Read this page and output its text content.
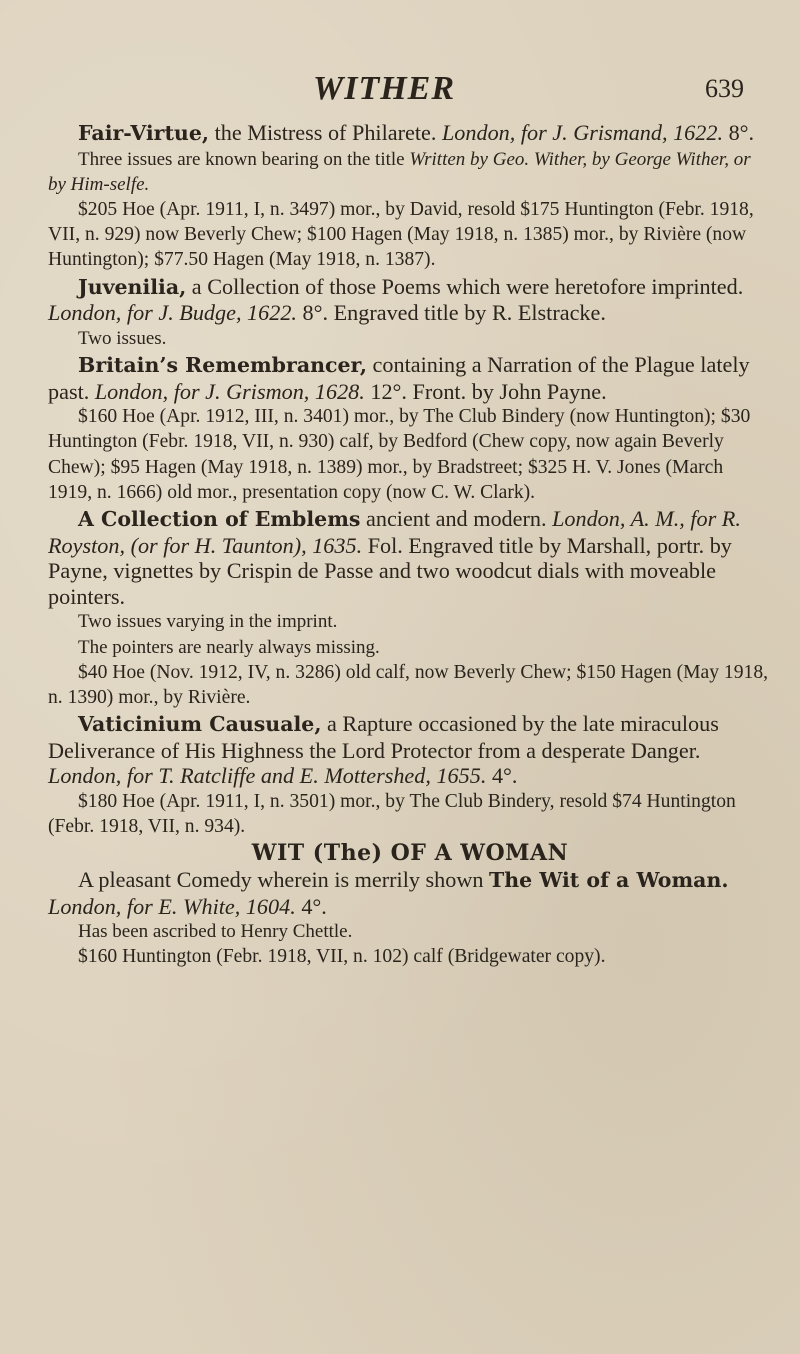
WITHER	639

Fair-Virtue, the Mistress of Philarete. London, for J. Grismand, 1622. 8°.

Three issues are known bearing on the title Written by Geo. Wither, by George Wither, or by Him-selfe.

$205 Hoe (Apr. 1911, I, n. 3497) mor., by David, resold $175 Huntington (Febr. 1918, VII, n. 929) now Beverly Chew; $100 Hagen (May 1918, n. 1385) mor., by Rivière (now Huntington); $77.50 Hagen (May 1918, n. 1387).

Juvenilia, a Collection of those Poems which were heretofore imprinted. London, for J. Budge, 1622. 8°. Engraved title by R. Elstracke.

Two issues.

Britain’s Remembrancer, containing a Narration of the Plague lately past. London, for J. Grismon, 1628. 12°. Front. by John Payne.

$160 Hoe (Apr. 1912, III, n. 3401) mor., by The Club Bindery (now Huntington); $30 Huntington (Febr. 1918, VII, n. 930) calf, by Bedford (Chew copy, now again Beverly Chew); $95 Hagen (May 1918, n. 1389) mor., by Bradstreet; $325 H. V. Jones (March 1919, n. 1666) old mor., presentation copy (now C. W. Clark).

A Collection of Emblems ancient and modern. London, A. M., for R. Royston, (or for H. Taunton), 1635. Fol. Engraved title by Marshall, portr. by Payne, vignettes by Crispin de Passe and two woodcut dials with moveable pointers.

Two issues varying in the imprint.

The pointers are nearly always missing.

$40 Hoe (Nov. 1912, IV, n. 3286) old calf, now Beverly Chew; $150 Hagen (May 1918, n. 1390) mor., by Rivière.

Vaticinium Causuale, a Rapture occasioned by the late miraculous Deliverance of His Highness the Lord Protector from a desperate Danger. London, for T. Ratcliffe and E. Mottershed, 1655. 4°.

$180 Hoe (Apr. 1911, I, n. 3501) mor., by The Club Bindery, resold $74 Huntington (Febr. 1918, VII, n. 934).

WIT (The) OF A WOMAN

A pleasant Comedy wherein is merrily shown The Wit of a Woman. London, for E. White, 1604. 4°.

Has been ascribed to Henry Chettle.

$160 Huntington (Febr. 1918, VII, n. 102) calf (Bridgewater copy).
